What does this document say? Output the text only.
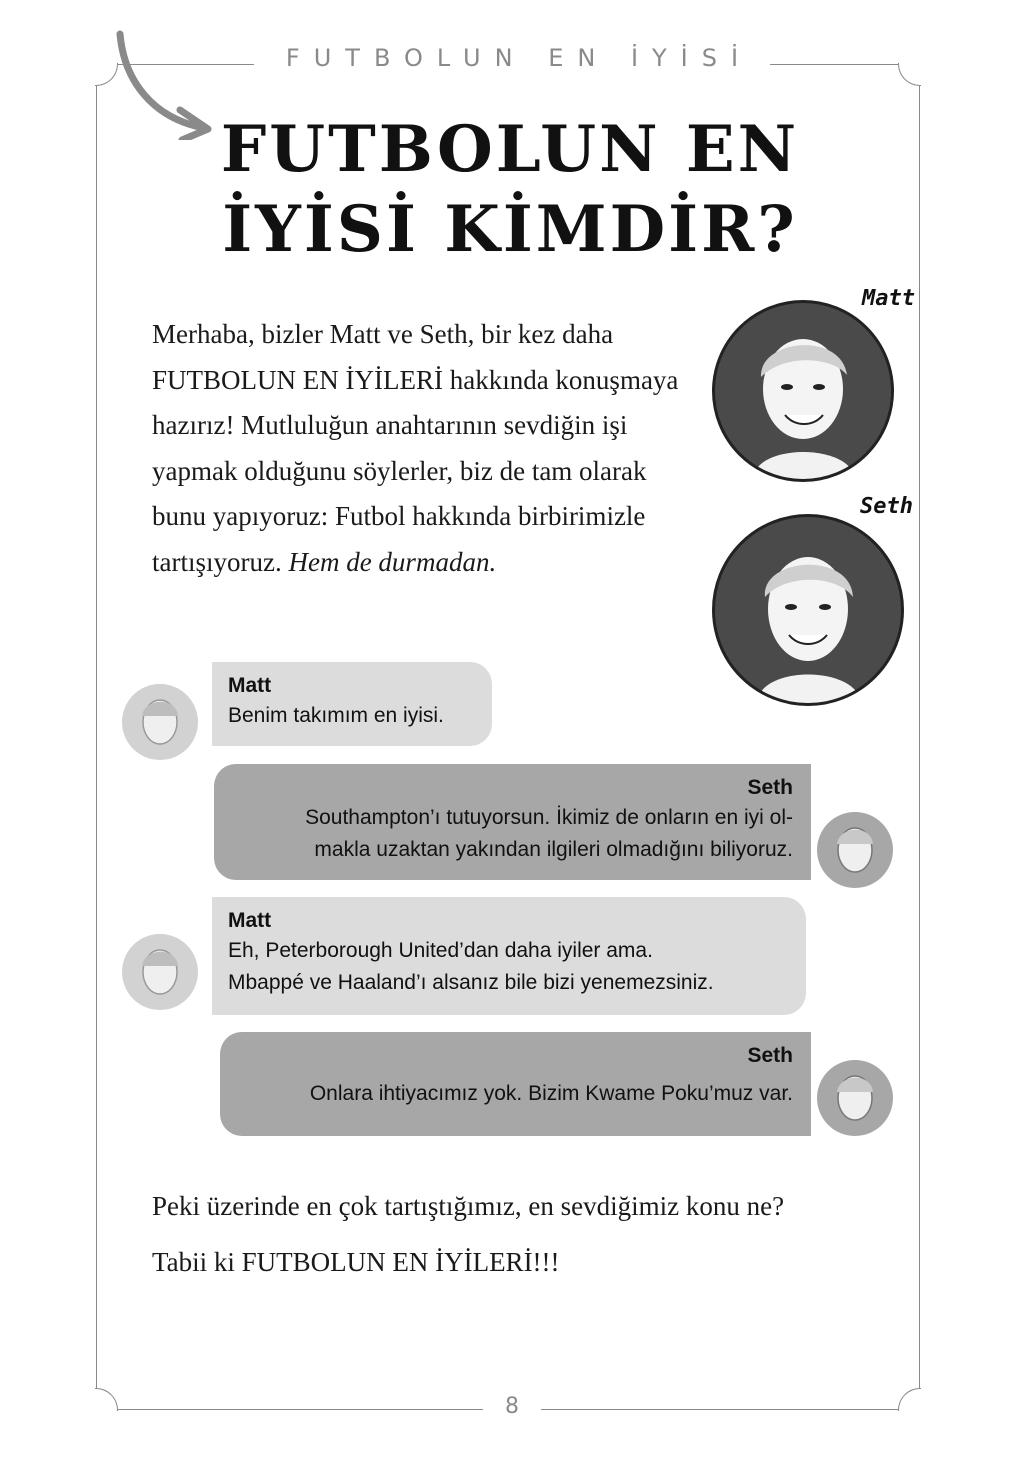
FUTBOLUN EN İYİSİ
FUTBOLUN EN
İYİSİ KİMDİR?
Merhaba, bizler Matt ve Seth, bir kez daha FUTBOLUN EN İYİLERİ hakkında konuşmaya hazırız! Mutluluğun anahtarının sevdiğin işi yapmak olduğunu söylerler, biz de tam olarak bunu yapıyoruz: Futbol hakkında birbirimizle tartışıyoruz. Hem de durmadan.
Matt
Seth
Matt
Benim takımım en iyisi.
Seth
Southampton’ı tutuyorsun. İkimiz de onların en iyi ol-
makla uzaktan yakından ilgileri olmadığını biliyoruz.
Matt
Eh, Peterborough United’dan daha iyiler ama.
Mbappé ve Haaland’ı alsanız bile bizi yenemezsiniz.
Seth
Onlara ihtiyacımız yok. Bizim Kwame Poku’muz var.

Peki üzerinde en çok tartıştığımız, en sevdiğimiz konu ne?

Tabii ki FUTBOLUN EN İYİLERİ!!!

8
